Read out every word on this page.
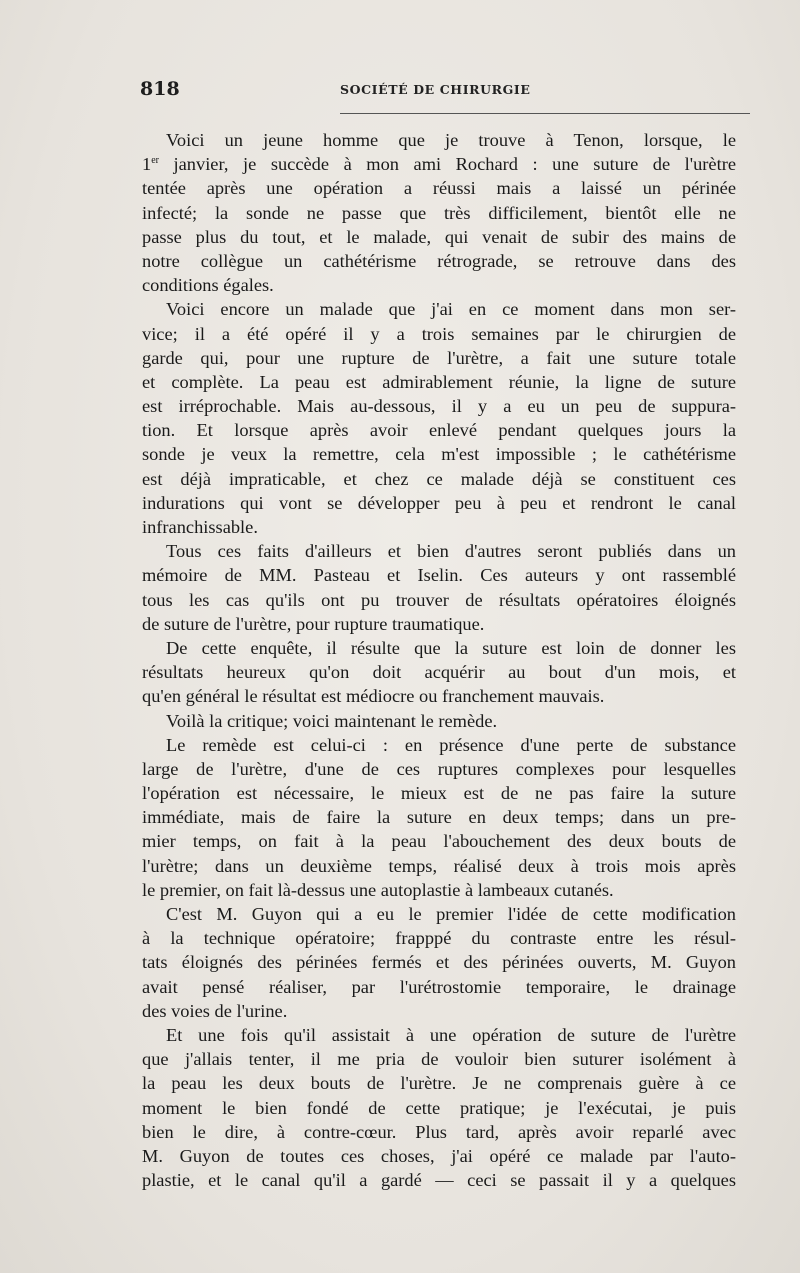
818	SOCIÉTÉ DE CHIRURGIE
Voici un jeune homme que je trouve à Tenon, lorsque, le
1er janvier, je succède à mon ami Rochard : une suture de l'urètre
tentée après une opération a réussi mais a laissé un périnée
infecté; la sonde ne passe que très difficilement, bientôt elle ne
passe plus du tout, et le malade, qui venait de subir des mains de
notre collègue un cathétérisme rétrograde, se retrouve dans des
conditions égales.
Voici encore un malade que j'ai en ce moment dans mon ser-
vice; il a été opéré il y a trois semaines par le chirurgien de
garde qui, pour une rupture de l'urètre, a fait une suture totale
et complète. La peau est admirablement réunie, la ligne de suture
est irréprochable. Mais au-dessous, il y a eu un peu de suppura-
tion. Et lorsque après avoir enlevé pendant quelques jours la
sonde je veux la remettre, cela m'est impossible ; le cathétérisme
est déjà impraticable, et chez ce malade déjà se constituent ces
indurations qui vont se développer peu à peu et rendront le canal
infranchissable.
Tous ces faits d'ailleurs et bien d'autres seront publiés dans un
mémoire de MM. Pasteau et Iselin. Ces auteurs y ont rassemblé
tous les cas qu'ils ont pu trouver de résultats opératoires éloignés
de suture de l'urètre, pour rupture traumatique.
De cette enquête, il résulte que la suture est loin de donner les
résultats heureux qu'on doit acquérir au bout d'un mois, et
qu'en général le résultat est médiocre ou franchement mauvais.
Voilà la critique; voici maintenant le remède.
Le remède est celui-ci : en présence d'une perte de substance
large de l'urètre, d'une de ces ruptures complexes pour lesquelles
l'opération est nécessaire, le mieux est de ne pas faire la suture
immédiate, mais de faire la suture en deux temps; dans un pre-
mier temps, on fait à la peau l'abouchement des deux bouts de
l'urètre; dans un deuxième temps, réalisé deux à trois mois après
le premier, on fait là-dessus une autoplastie à lambeaux cutanés.
C'est M. Guyon qui a eu le premier l'idée de cette modification
à la technique opératoire; frapppé du contraste entre les résul-
tats éloignés des périnées fermés et des périnées ouverts, M. Guyon
avait pensé réaliser, par l'urétrostomie temporaire, le drainage
des voies de l'urine.
Et une fois qu'il assistait à une opération de suture de l'urètre
que j'allais tenter, il me pria de vouloir bien suturer isolément à
la peau les deux bouts de l'urètre. Je ne comprenais guère à ce
moment le bien fondé de cette pratique; je l'exécutai, je puis
bien le dire, à contre-cœur. Plus tard, après avoir reparlé avec
M. Guyon de toutes ces choses, j'ai opéré ce malade par l'auto-
plastie, et le canal qu'il a gardé — ceci se passait il y a quelques
